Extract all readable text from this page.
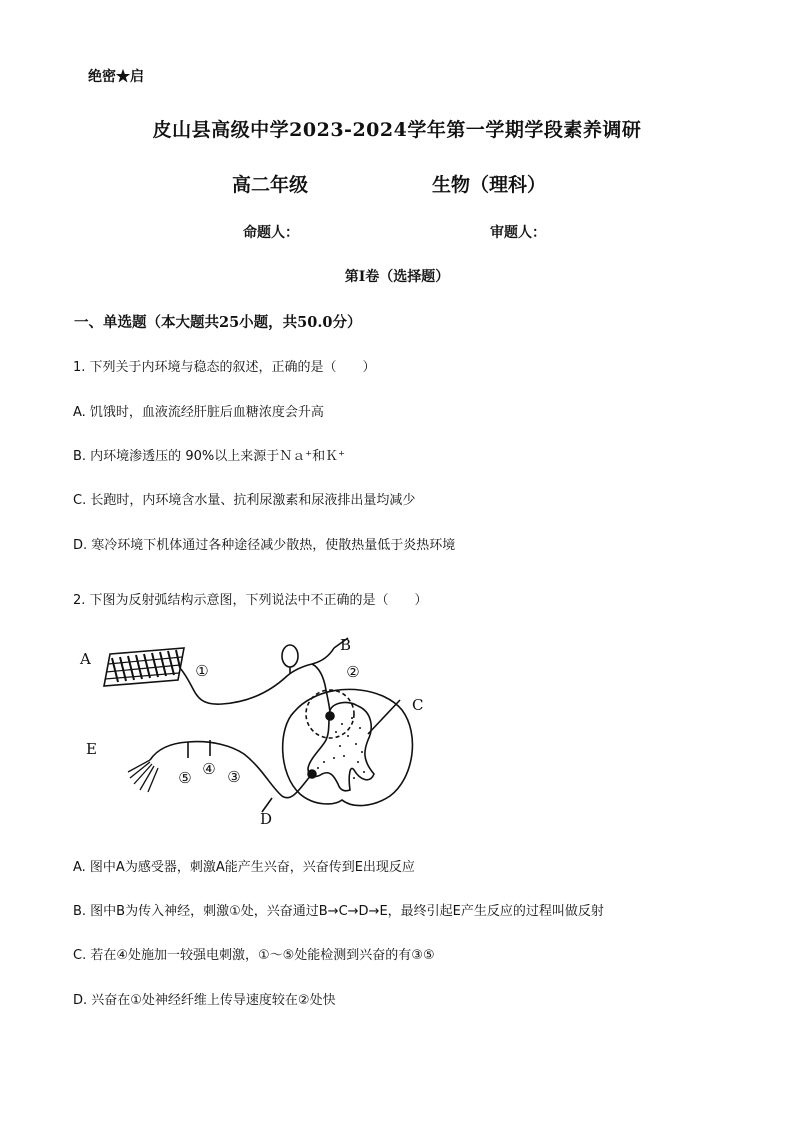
绝密★启
皮山县高级中学2023-2024学年第一学期学段素养调研
高二年级	生物（理科）
命题人：	审题人：
第Ⅰ卷（选择题）
一、单选题（本大题共25小题，共50.0分）
1. 下列关于内环境与稳态的叙述，正确的是（　　）
A. 饥饿时，血液流经肝脏后血糖浓度会升高
B. 内环境渗透压的 90%以上来源于Ｎａ⁺和Ｋ⁺
C. 长跑时，内环境含水量、抗利尿激素和尿液排出量均减少
D. 寒冷环境下机体通过各种途径减少散热，使散热量低于炎热环境
2. 下图为反射弧结构示意图，下列说法中不正确的是（　　）
①	②
③
④
⑤
A
B
C
D
E
A. 图中A为感受器，刺激A能产生兴奋，兴奋传到E出现反应
B. 图中B为传入神经，刺激①处，兴奋通过B→C→D→E，最终引起E产生反应的过程叫做反射
C. 若在④处施加一较强电刺激，①～⑤处能检测到兴奋的有③⑤
D. 兴奋在①处神经纤维上传导速度较在②处快
